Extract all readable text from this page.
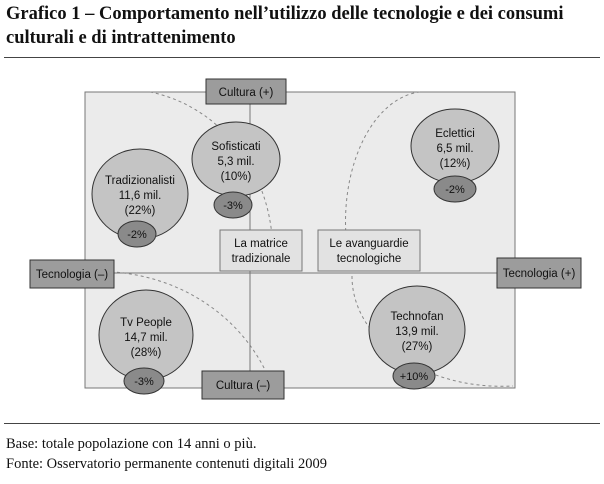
Grafico 1 – Comportamento nell’utilizzo delle tecnologie e dei consumi culturali e di intrattenimento
Cultura (+)
Cultura (–)
Tecnologia (–)	Tecnologia (+)
La matrice
tradizionale
Le avanguardie
tecnologiche
Sofisticati
5,3 mil.
(10%)
-3%
Tradizionalisti
11,6 mil.
(22%)
-2%
Eclettici
6,5 mil.
(12%)
-2%
Tv People
14,7 mil.
(28%)
-3%
Technofan
13,9 mil.
(27%)
+10%
Base: totale popolazione con 14 anni o più.
Fonte: Osservatorio permanente contenuti digitali 2009
